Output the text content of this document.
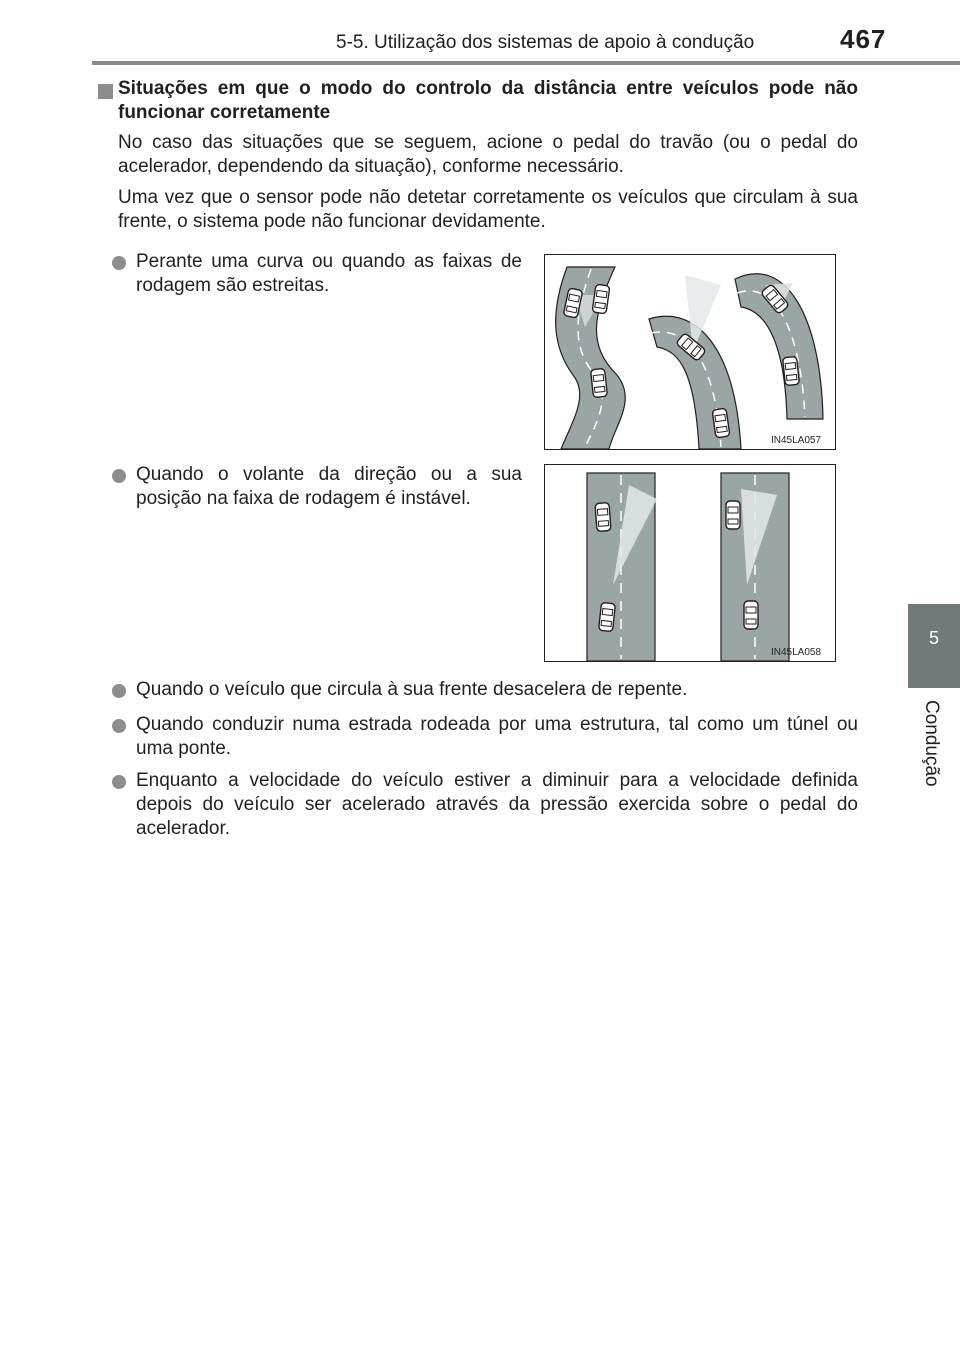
5-5. Utilização dos sistemas de apoio à condução	467
5
Condução
Situações em que o modo do controlo da distância entre veículos pode não funcionar corretamente
No caso das situações que se seguem, acione o pedal do travão (ou o pedal do acelerador, dependendo da situação), conforme necessário.
Uma vez que o sensor pode não detetar corretamente os veículos que circulam à sua frente, o sistema pode não funcionar devidamente.
Perante uma curva ou quando as faixas de rodagem são estreitas.
IN45LA057
Quando o volante da direção ou a sua posição na faixa de rodagem é instável.
IN45LA058
Quando o veículo que circula à sua frente desacelera de repente.
Quando conduzir numa estrada rodeada por uma estrutura, tal como um túnel ou uma ponte.
Enquanto a velocidade do veículo estiver a diminuir para a velocidade definida depois do veículo ser acelerado através da pressão exercida sobre o pedal do acelerador.
